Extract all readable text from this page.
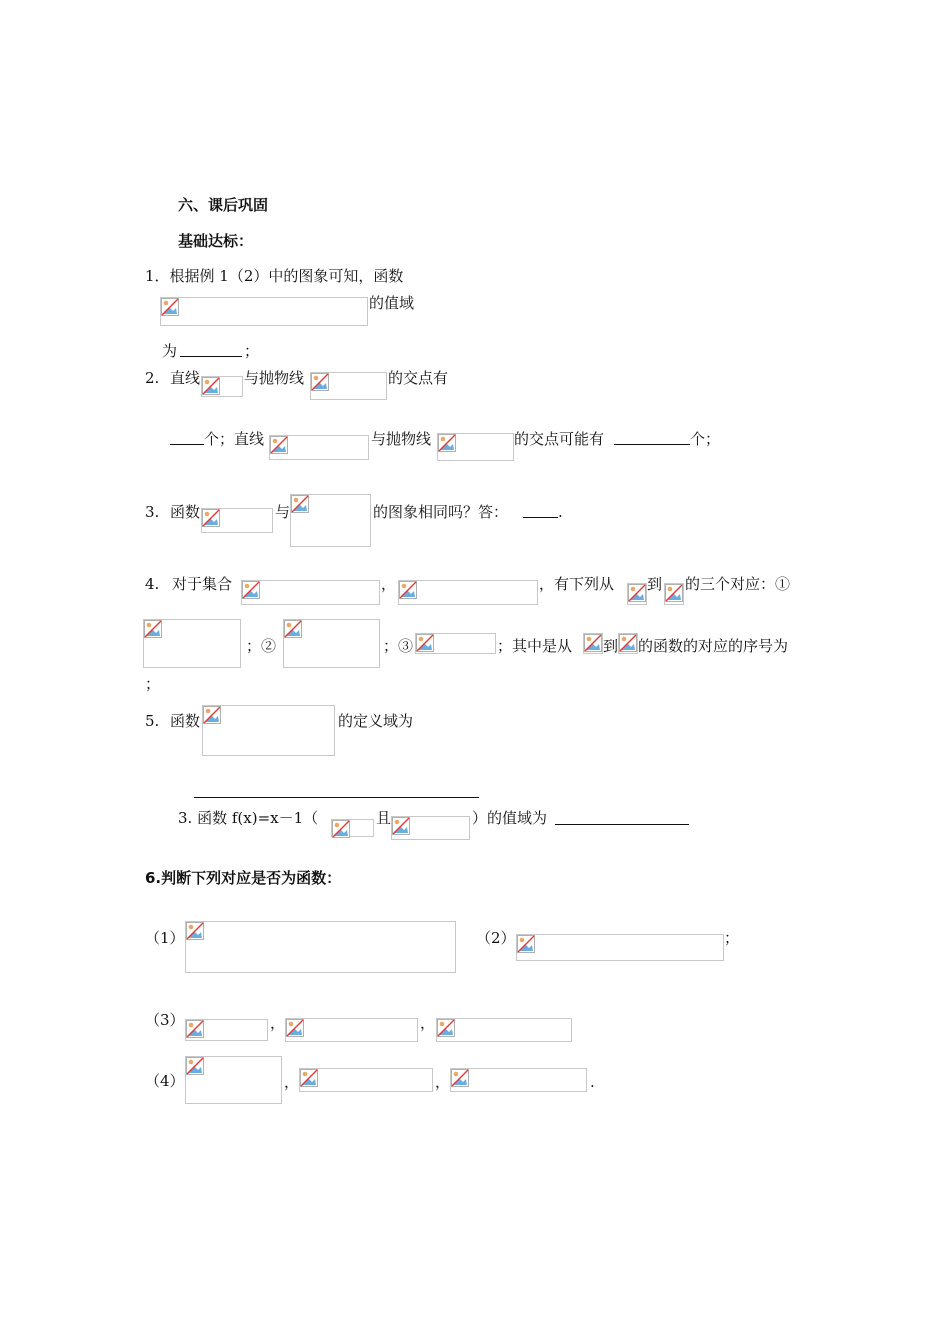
六、课后巩固
基础达标：
1．根据例 1（2）中的图象可知，函数
的值域
为	；
2. 直线	与抛物线	的交点有
个；直线	与抛物线	的交点可能有	个；
3. 函数	与	的图象相同吗？答：	.
4. 对于集合	，	，有下列从 到 的三个对应：①
；②	；③	；其中是从 到 的函数的对应的序号为
；
5. 函数	的定义域为
3. 函数 f(x)=x－1（	且	）的值域为
6.判断下列对应是否为函数：
（1）	（2）	；
（3）	，	，
（4）	，	，	.
